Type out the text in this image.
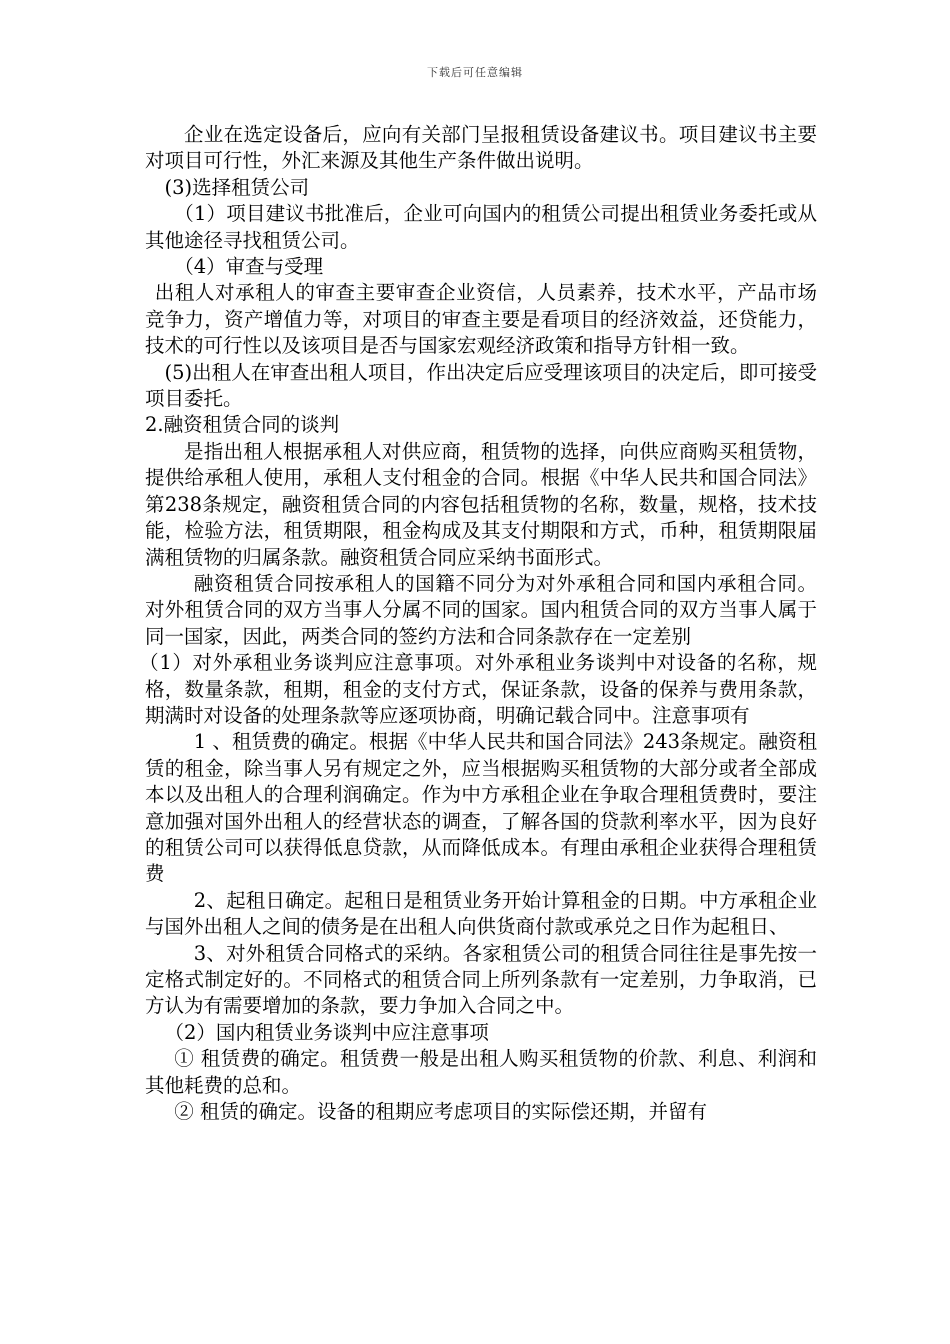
下载后可任意编辑

企业在选定设备后，应向有关部门呈报租赁设备建议书。项目建议书主要对项目可行性，外汇来源及其他生产条件做出说明。

(3)选择租赁公司

（1）项目建议书批准后，企业可向国内的租赁公司提出租赁业务委托或从其他途径寻找租赁公司。

（4）审查与受理

出租人对承租人的审查主要审查企业资信，人员素养，技术水平，产品市场竞争力，资产增值力等，对项目的审查主要是看项目的经济效益，还贷能力，技术的可行性以及该项目是否与国家宏观经济政策和指导方针相一致。

(5)出租人在审查出租人项目，作出决定后应受理该项目的决定后，即可接受项目委托。

2.融资租赁合同的谈判

是指出租人根据承租人对供应商，租赁物的选择，向供应商购买租赁物，提供给承租人使用，承租人支付租金的合同。根据《中华人民共和国合同法》第238条规定，融资租赁合同的内容包括租赁物的名称，数量，规格，技术技能，检验方法，租赁期限，租金构成及其支付期限和方式，币种，租赁期限届满租赁物的归属条款。融资租赁合同应采纳书面形式。

融资租赁合同按承租人的国籍不同分为对外承租合同和国内承租合同。对外租赁合同的双方当事人分属不同的国家。国内租赁合同的双方当事人属于同一国家，因此，两类合同的签约方法和合同条款存在一定差别

（1）对外承租业务谈判应注意事项。对外承租业务谈判中对设备的名称，规格，数量条款，租期，租金的支付方式，保证条款，设备的保养与费用条款，期满时对设备的处理条款等应逐项协商，明确记载合同中。注意事项有

1 、租赁费的确定。根据《中华人民共和国合同法》243条规定。融资租赁的租金，除当事人另有规定之外，应当根据购买租赁物的大部分或者全部成本以及出租人的合理利润确定。作为中方承租企业在争取合理租赁费时，要注意加强对国外出租人的经营状态的调查，了解各国的贷款利率水平，因为良好的租赁公司可以获得低息贷款，从而降低成本。有理由承租企业获得合理租赁费

2、起租日确定。起租日是租赁业务开始计算租金的日期。中方承租企业与国外出租人之间的债务是在出租人向供货商付款或承兑之日作为起租日、

3、对外租赁合同格式的采纳。各家租赁公司的租赁合同往往是事先按一定格式制定好的。不同格式的租赁合同上所列条款有一定差别，力争取消，已方认为有需要增加的条款，要力争加入合同之中。

（2）国内租赁业务谈判中应注意事项

① 租赁费的确定。租赁费一般是出租人购买租赁物的价款、利息、利润和其他耗费的总和。

② 租赁的确定。设备的租期应考虑项目的实际偿还期，并留有
